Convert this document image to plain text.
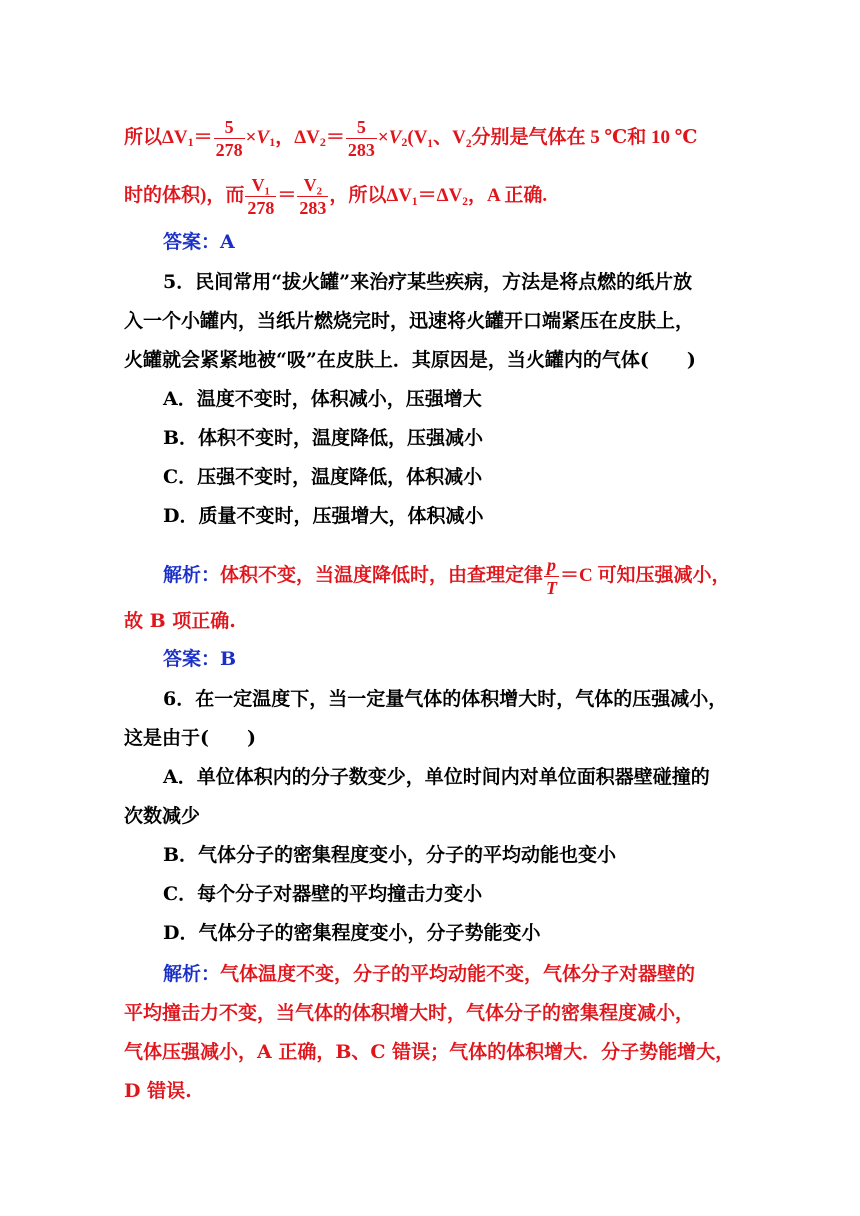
所以$\Delta V_1= \frac{5}{278} \times V_1$，$\Delta V_2= \frac{5}{283} \times V_2(V_1$、V₂分别是气体在 5 ℃和 10 ℃
时的体积)，而 $\frac{\text{V₁}}{278} = \frac{\text{V₂}}{283}$ ，所以ΔV₁＝ΔV₂，A 正确.
答案：A
5．民间常用“拔火罐”来治疗某些疾病，方法是将点燃的纸片放
入一个小罐内，当纸片燃烧完时，迅速将火罐开口端紧压在皮肤上，
火罐就会紧紧地被“吸”在皮肤上．其原因是，当火罐内的气体(　　)
A．温度不变时，体积减小，压强增大
B．体积不变时，温度降低，压强减小
C．压强不变时，温度降低，体积减小
D．质量不变时，压强增大，体积减小
解析：体积不变，当温度降低时，由查理定律 $\frac{p}{T} =C$ 可知压强减小，
故 B 项正确.
答案：B
6．在一定温度下，当一定量气体的体积增大时，气体的压强减小，
这是由于(　　)
A．单位体积内的分子数变少，单位时间内对单位面积器壁碰撞的
次数减少
B．气体分子的密集程度变小，分子的平均动能也变小
C．每个分子对器壁的平均撞击力变小
D．气体分子的密集程度变小，分子势能变小
解析：气体温度不变，分子的平均动能不变，气体分子对器壁的
平均撞击力不变，当气体的体积增大时，气体分子的密集程度减小，
气体压强减小，A 正确，B、C 错误；气体的体积增大．分子势能增大，
D 错误.
